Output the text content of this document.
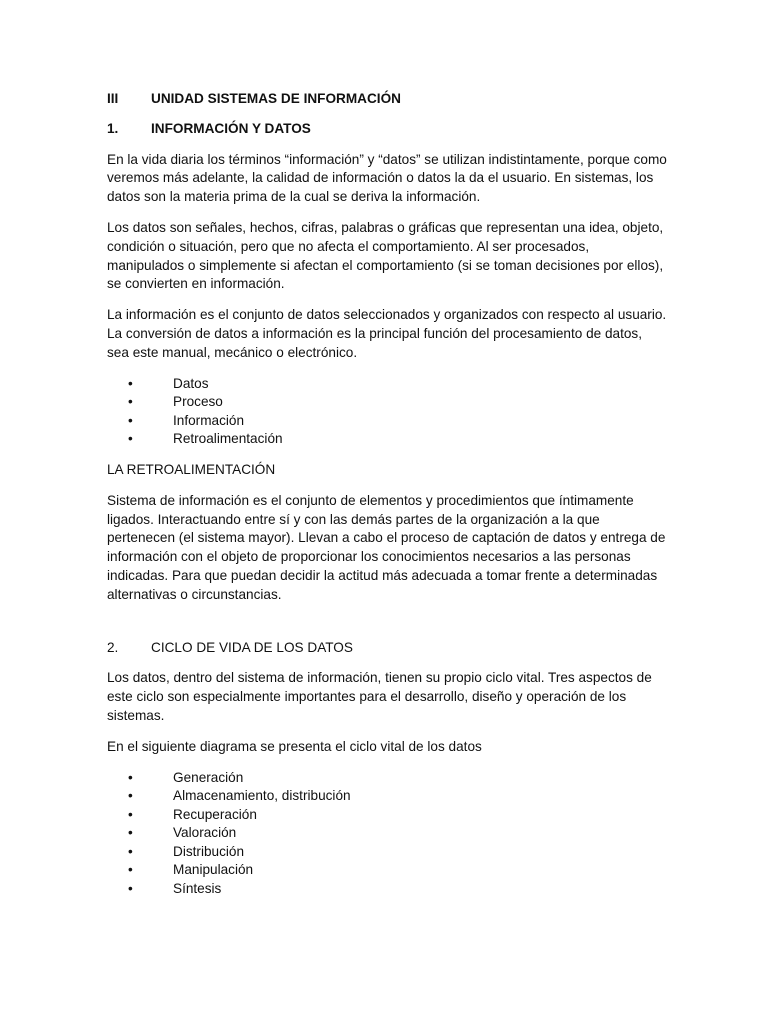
III	UNIDAD SISTEMAS DE INFORMACIÓN
1.	INFORMACIÓN Y DATOS

En la vida diaria los términos “información” y “datos” se utilizan indistintamente, porque como veremos más adelante, la calidad de información o datos la da el usuario. En sistemas, los datos son la materia prima de la cual se deriva la información.

Los datos son señales, hechos, cifras, palabras o gráficas que representan una idea, objeto, condición o situación, pero que no afecta el comportamiento. Al ser procesados, manipulados o simplemente si afectan el comportamiento (si se toman decisiones por ellos), se convierten en información.

La información es el conjunto de datos seleccionados y organizados con respecto al usuario. La conversión de datos a información es la principal función del procesamiento de datos, sea este manual, mecánico o electrónico.

•	Datos
•	Proceso
•	Información
•	Retroalimentación
LA RETROALIMENTACIÓN

Sistema de información es el conjunto de elementos y procedimientos que íntimamente ligados. Interactuando entre sí y con las demás partes de la organización a la que pertenecen (el sistema mayor). Llevan a cabo el proceso de captación de datos y entrega de información con el objeto de proporcionar los conocimientos necesarios a las personas indicadas. Para que puedan decidir la actitud más adecuada a tomar frente a determinadas alternativas o circunstancias.

2.	CICLO DE VIDA DE LOS DATOS

Los datos, dentro del sistema de información, tienen su propio ciclo vital. Tres aspectos de este ciclo son especialmente importantes para el desarrollo, diseño y operación de los sistemas.

En el siguiente diagrama se presenta el ciclo vital de los datos

•	Generación
•	Almacenamiento, distribución
•	Recuperación
•	Valoración
•	Distribución
•	Manipulación
•	Síntesis
